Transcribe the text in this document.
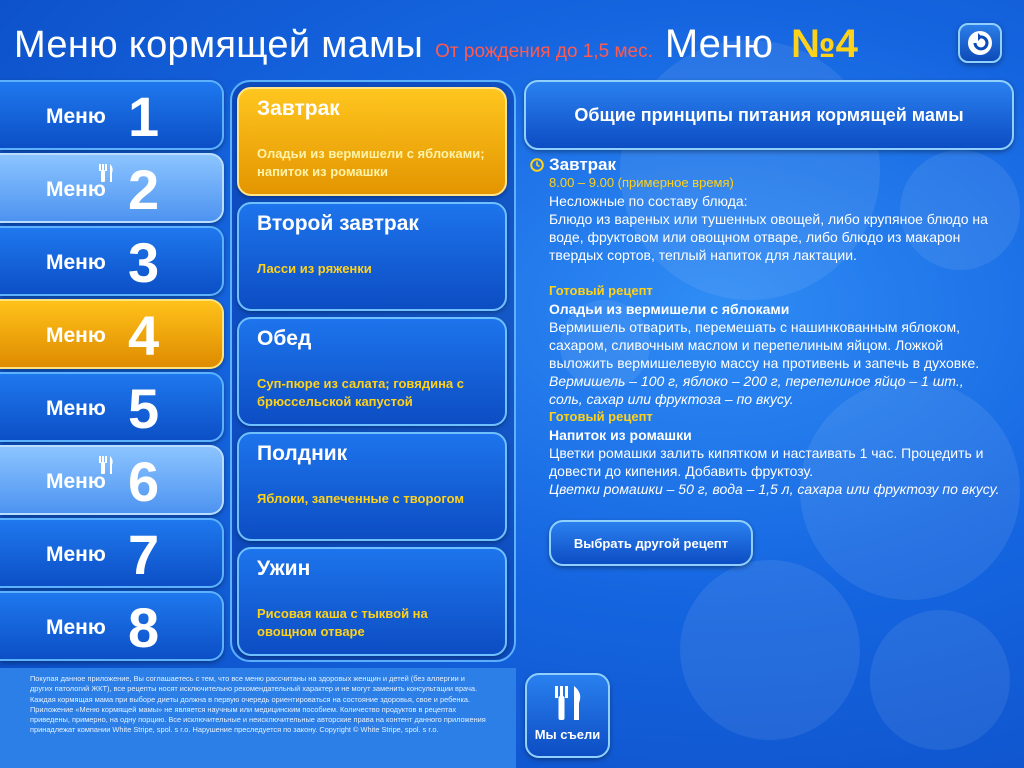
Меню кормящей мамы От рождения до 1,5 мес. Меню №4
Меню 1
Меню 2
Меню 3
Меню 4
Меню 5
Меню 6
Меню 7
Меню 8
Завтрак
Оладьи из вермишели с яблоками; напиток из ромашки
Второй завтрак
Ласси из ряженки
Обед
Суп-пюре из салата; говядина с брюссельской капустой
Полдник
Яблоки, запеченные с творогом
Ужин
Рисовая каша с тыквой на овощном отваре
Общие принципы питания кормящей мамы
Завтрак
8.00 – 9.00 (примерное время)
Несложные по составу блюда:
Блюдо из вареных или тушенных овощей, либо крупяное блюдо на воде, фруктовом или овощном отваре, либо блюдо из макарон твердых сортов, теплый напиток для лактации.
Готовый рецепт
Оладьи из вермишели с яблоками
Вермишель отварить, перемешать с нашинкованным яблоком, сахаром, сливочным маслом и перепелиным яйцом. Ложкой выложить вермишелевую массу на противень и запечь в духовке.
Вермишель – 100 г, яблоко – 200 г, перепелиное яйцо – 1 шт., соль, сахар или фруктоза – по вкусу.
Готовый рецепт
Напиток из ромашки
Цветки ромашки залить кипятком и настаивать 1 час. Процедить и довести до кипения. Добавить фруктозу.
Цветки ромашки – 50 г, вода – 1,5 л, сахара или фруктозу по вкусу.
Выбрать другой рецепт
Покупая данное приложение, Вы соглашаетесь с тем, что все меню рассчитаны на здоровых женщин и детей (без аллергии и других патологий ЖКТ), все рецепты носят исключительно рекомендательный характер и не могут заменить консультации врача. Каждая кормящая мама при выборе диеты должна в первую очередь ориентироваться на состояние здоровья, свое и ребенка. Приложение «Меню кормящей мамы» не является научным или медицинским пособием. Количество продуктов в рецептах приведены, примерно, на одну порцию. Все исключительные и неисключительные авторские права на контент данного приложения принадлежат компании White Stripe, spol. s r.o. Нарушение преследуется по закону. Copyright © White Stripe, spol. s r.o.	Мы съели
